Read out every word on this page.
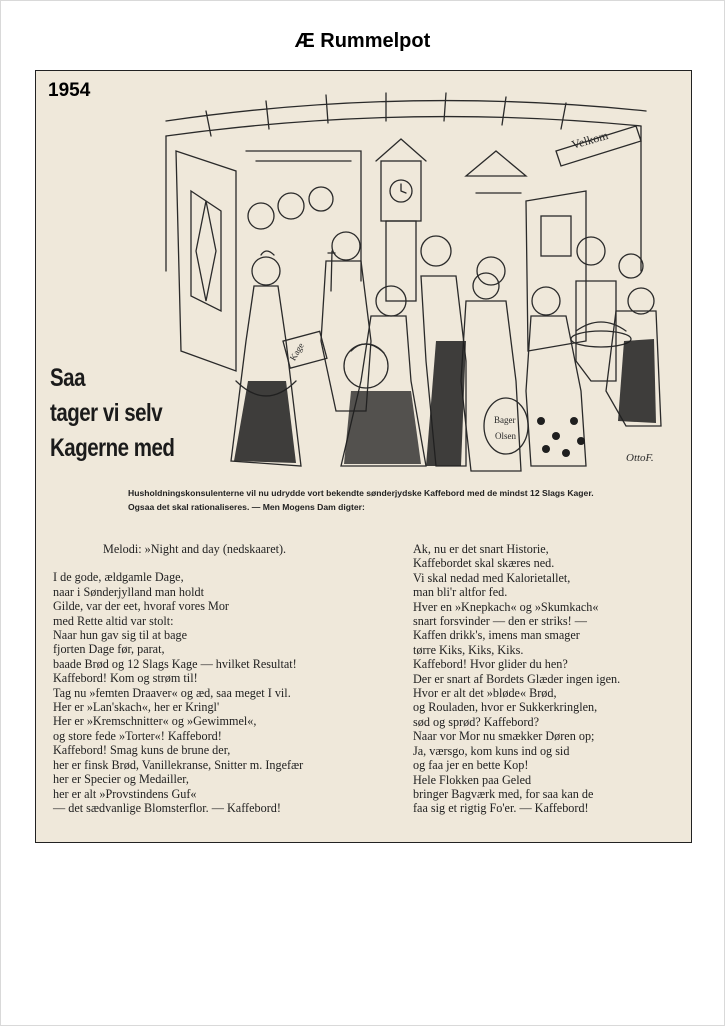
Æ Rummelpot
1954
Velkom
Kage
Bager
Olsen
OttoF.
Saa
tager vi selv
Kagerne med
Husholdningskonsulenterne vil nu udrydde vort bekendte sønderjydske Kaffebord med de mindst 12 Slags Kager.
Ogsaa det skal rationaliseres. — Men Mogens Dam digter:
Melodi: »Night and day (nedskaaret).
I de gode, ældgamle Dage,
naar i Sønderjylland man holdt
Gilde, var der eet, hvoraf vores Mor
med Rette altid var stolt:
Naar hun gav sig til at bage
fjorten Dage før, parat,
baade Brød og 12 Slags Kage — hvilket Resultat!
Kaffebord! Kom og strøm til!
Tag nu »femten Draaver« og æd, saa meget I vil.
Her er »Lan'skach«, her er Kringl'
Her er »Kremschnitter« og »Gewimmel«,
og store fede »Torter«! Kaffebord!
Kaffebord! Smag kuns de brune der,
her er finsk Brød, Vanillekranse, Snitter m. Ingefær
her er Specier og Medailler,
her er alt »Provstindens Guf«
— det sædvanlige Blomsterflor. — Kaffebord!
Ak, nu er det snart Historie,
Kaffebordet skal skæres ned.
Vi skal nedad med Kalorietallet,
man bli'r altfor fed.
Hver en »Knepkach« og »Skumkach«
snart forsvinder — den er striks! —
Kaffen drikk's, imens man smager
tørre Kiks, Kiks, Kiks.
Kaffebord! Hvor glider du hen?
Der er snart af Bordets Glæder ingen igen.
Hvor er alt det »bløde« Brød,
og Rouladen, hvor er Sukkerkringlen,
sød og sprød? Kaffebord?
Naar vor Mor nu smækker Døren op;
Ja, værsgo, kom kuns ind og sid
og faa jer en bette Kop!
Hele Flokken paa Geled
bringer Bagværk med, for saa kan de
faa sig et rigtig Fo'er. — Kaffebord!
